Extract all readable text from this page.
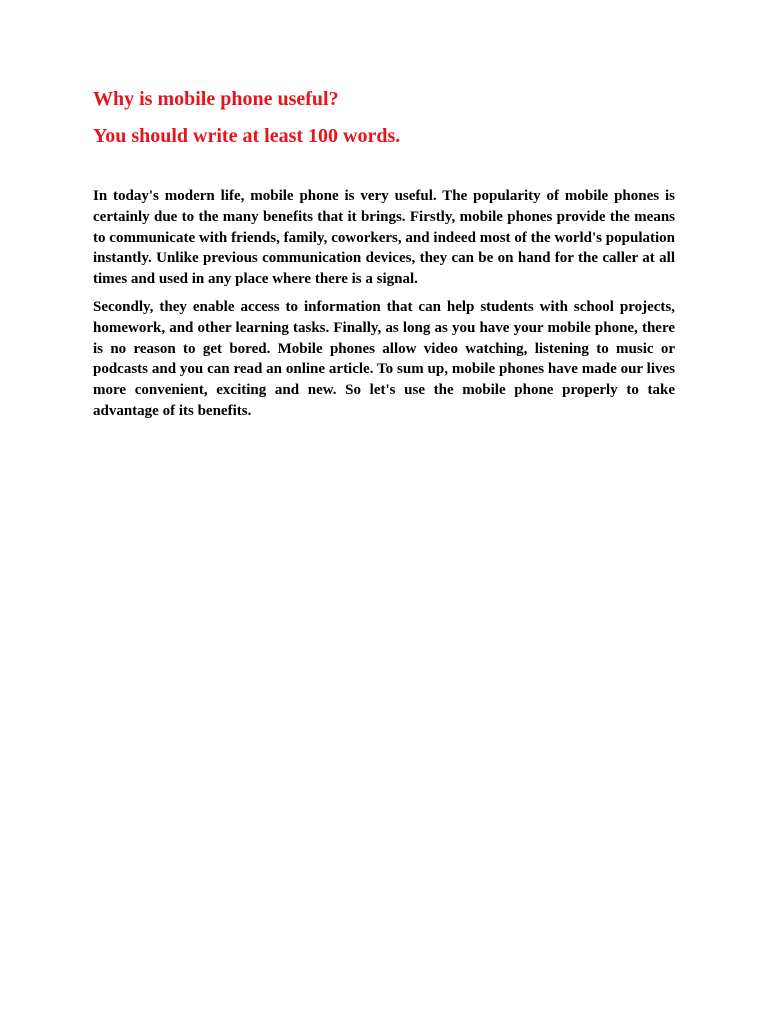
Why is mobile phone useful?

You should write at least 100 words.

In today's modern life, mobile phone is very useful. The popularity of mobile phones is certainly due to the many benefits that it brings. Firstly, mobile phones provide the means to communicate with friends, family, coworkers, and indeed most of the world's population instantly. Unlike previous communication devices, they can be on hand for the caller at all times and used in any place where there is a signal.

Secondly, they enable access to information that can help students with school projects, homework, and other learning tasks. Finally, as long as you have your mobile phone, there is no reason to get bored. Mobile phones allow video watching, listening to music or podcasts and you can read an online article. To sum up, mobile phones have made our lives more convenient, exciting and new. So let's use the mobile phone properly to take advantage of its benefits.
